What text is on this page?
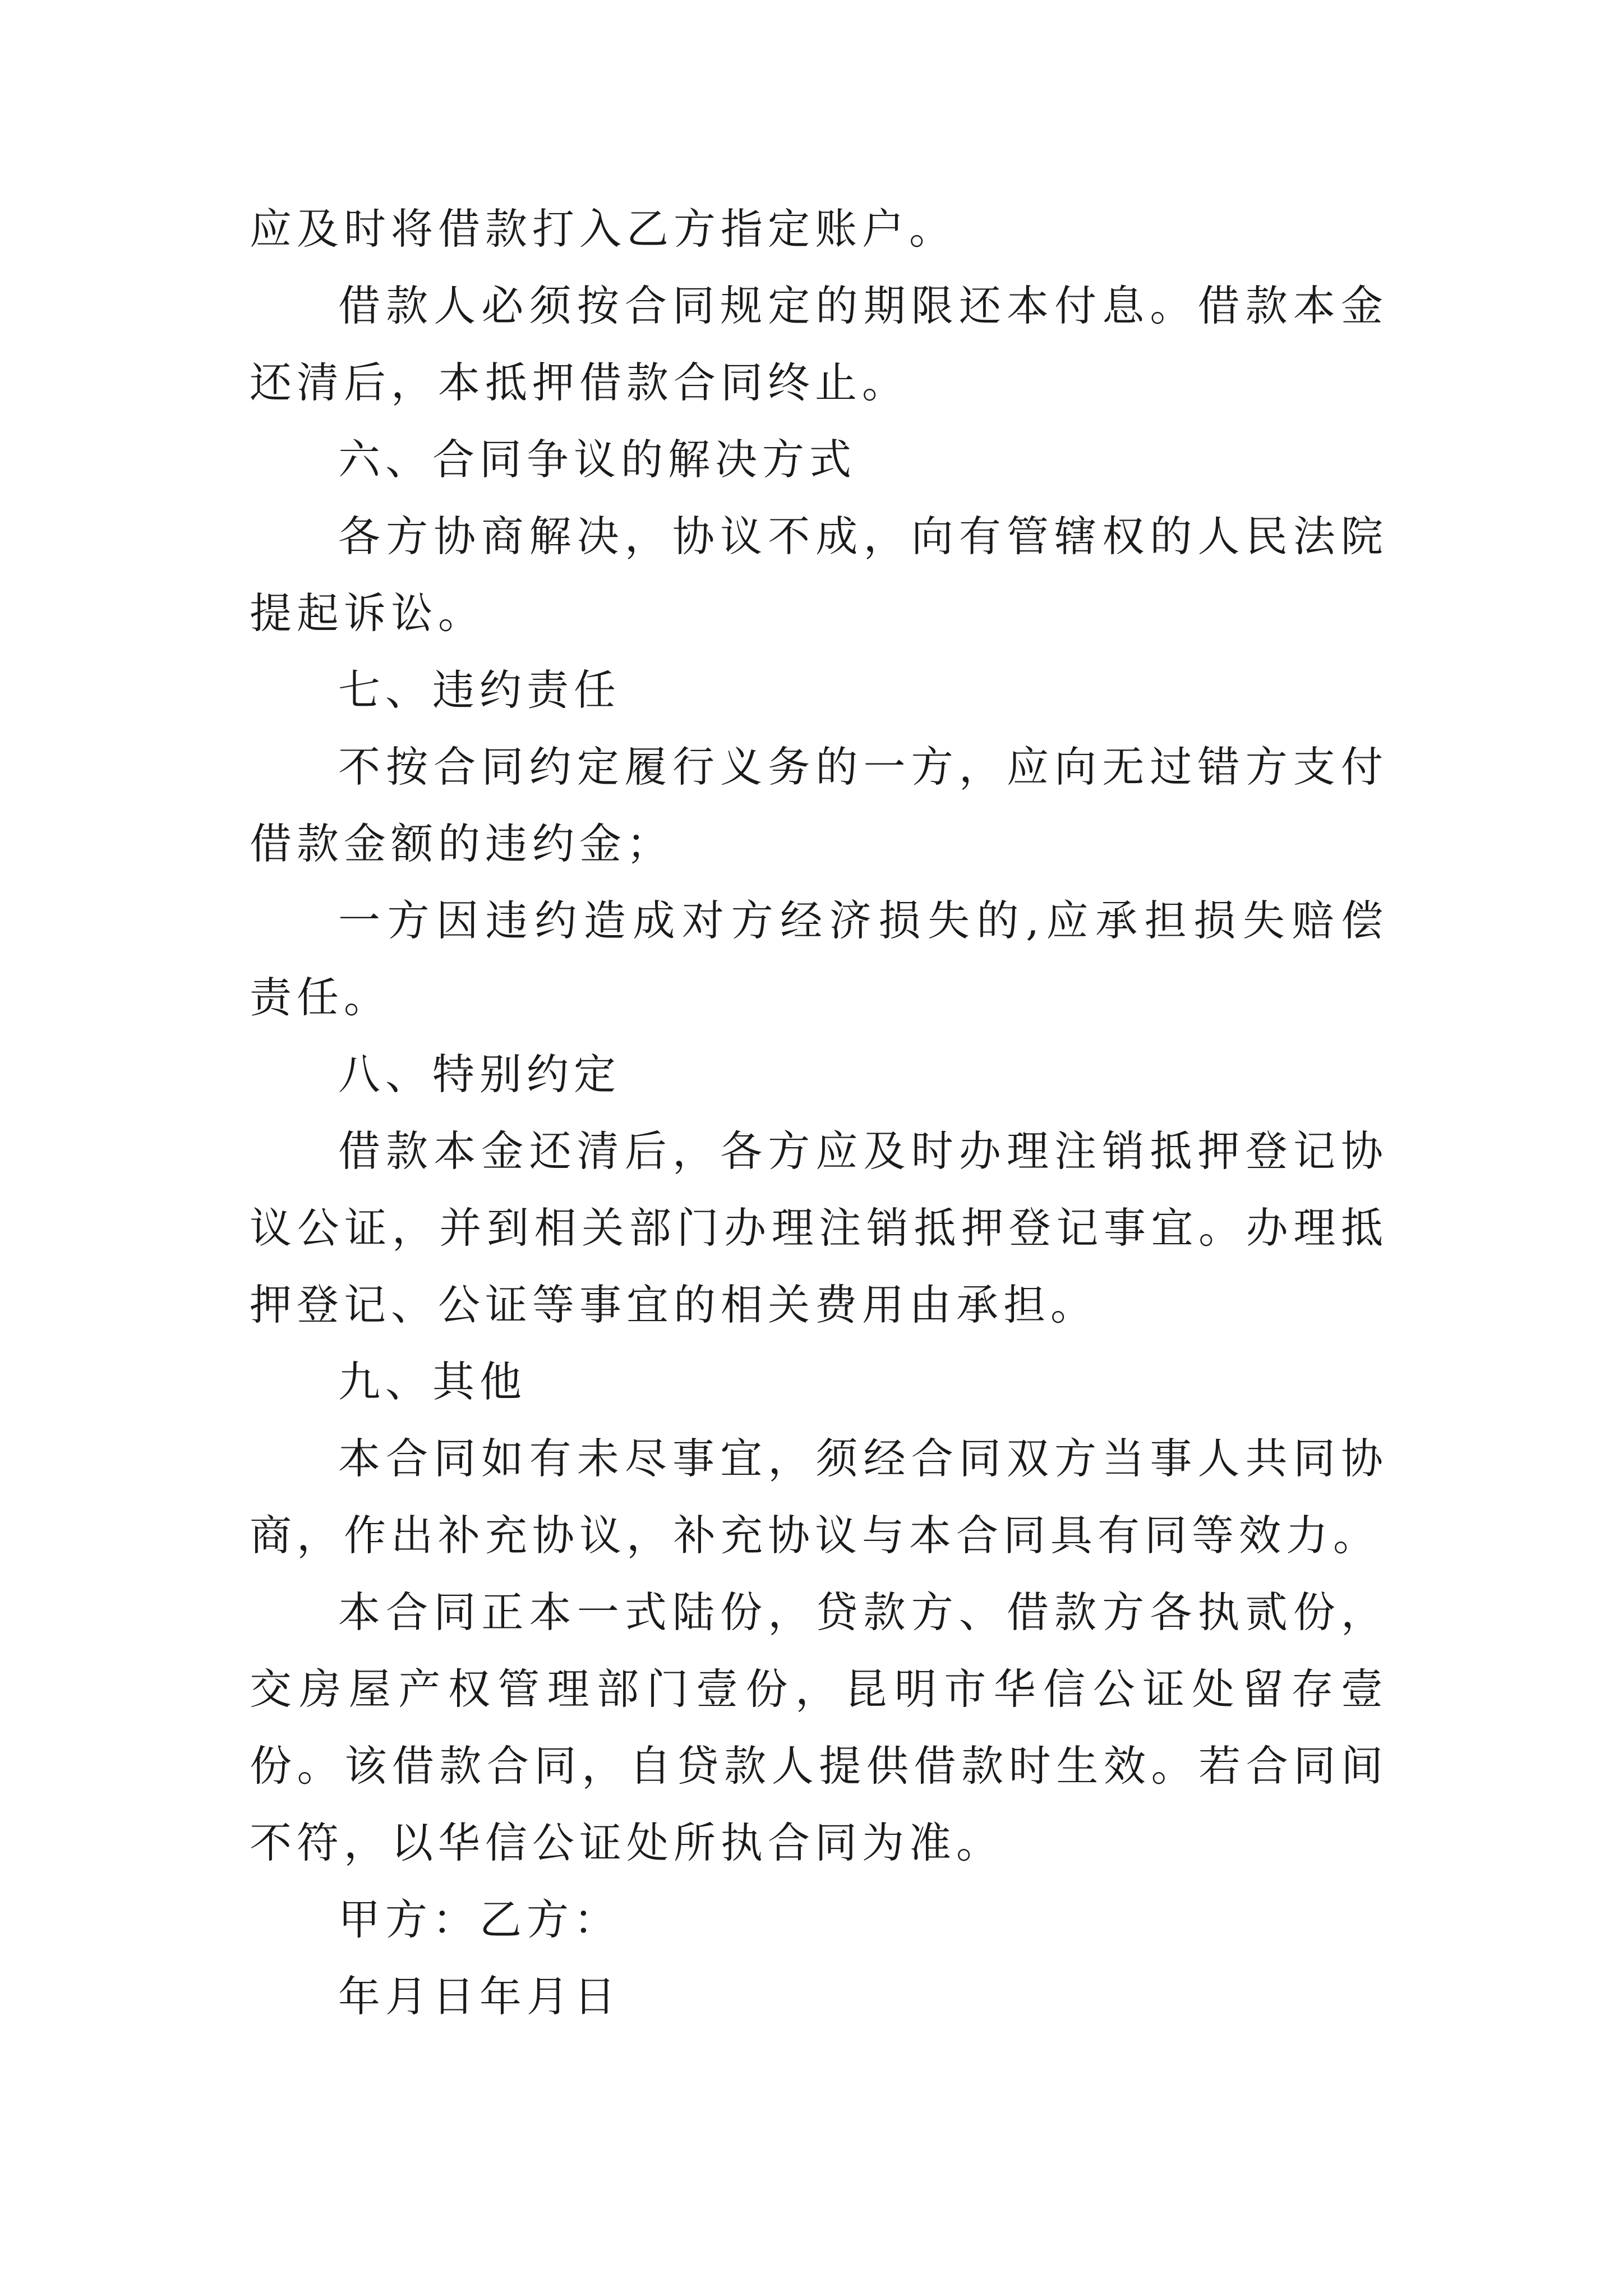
应及时将借款打入乙方指定账户。

借款人必须按合同规定的期限还本付息。借款本金还清后，本抵押借款合同终止。

六、合同争议的解决方式

各方协商解决，协议不成，向有管辖权的人民法院提起诉讼。

七、违约责任

不按合同约定履行义务的一方，应向无过错方支付借款金额的违约金；

一方因违约造成对方经济损失的,应承担损失赔偿责任。

八、特别约定

借款本金还清后，各方应及时办理注销抵押登记协议公证，并到相关部门办理注销抵押登记事宜。办理抵押登记、公证等事宜的相关费用由承担。

九、其他

本合同如有未尽事宜，须经合同双方当事人共同协商，作出补充协议，补充协议与本合同具有同等效力。

本合同正本一式陆份，贷款方、借款方各执贰份，交房屋产权管理部门壹份，昆明市华信公证处留存壹份。该借款合同，自贷款人提供借款时生效。若合同间不符，以华信公证处所执合同为准。

甲方：乙方：

年月日年月日
